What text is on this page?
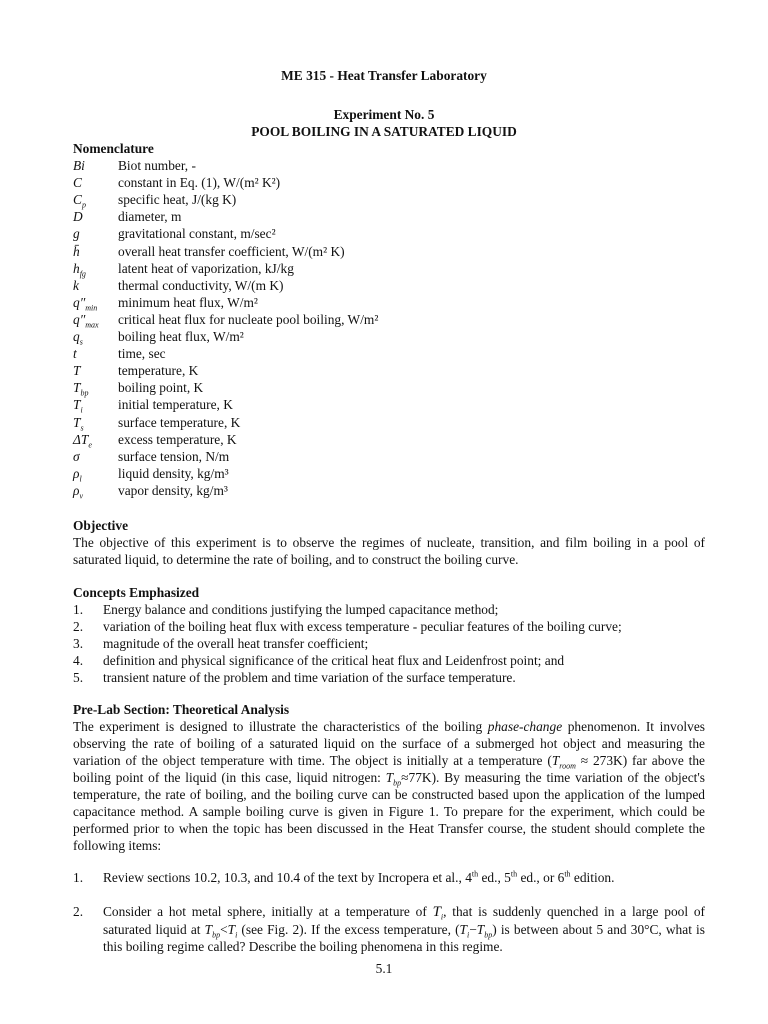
ME 315 - Heat Transfer Laboratory
Experiment No. 5
POOL BOILING IN A SATURATED LIQUID
Nomenclature
Bi Biot number, -
C	constant in Eq. (1), W/(m² K²)
$C_p$ specific heat, J/(kg K)
D	diameter, m
g	gravitational constant, m/sec²
h̄	overall heat transfer coefficient, W/(m² K)
$h_{fg}$ latent heat of vaporization, kJ/kg
k	thermal conductivity, W/(m K)
$q''_{min}$ minimum heat flux, W/m²
$q''_{max}$ critical heat flux for nucleate pool boiling, W/m²
$q_s$	boiling heat flux, W/m²
t	time, sec
T	temperature, K
$T_{bp}$ boiling point, K
$T_i$	initial temperature, K
$T_s$	surface temperature, K
$\Delta T_e$ excess temperature, K
σ	surface tension, N/m
$\rho_l$	liquid density, kg/m³
$\rho_v$	vapor density, kg/m³
Objective
The objective of this experiment is to observe the regimes of nucleate, transition, and film boiling in a pool of saturated liquid, to determine the rate of boiling, and to construct the boiling curve.
Concepts Emphasized
1. Energy balance and conditions justifying the lumped capacitance method;
2. variation of the boiling heat flux with excess temperature - peculiar features of the boiling curve;
3. magnitude of the overall heat transfer coefficient;
4. definition and physical significance of the critical heat flux and Leidenfrost point; and
5. transient nature of the problem and time variation of the surface temperature.
Pre-Lab Section: Theoretical Analysis

The experiment is designed to illustrate the characteristics of the boiling phase-change phenomenon. It involves observing the rate of boiling of a saturated liquid on the surface of a submerged hot object and measuring the variation of the object temperature with time. The object is initially at a temperature $(T_{room} \approx 273K)$ far above the boiling point of the liquid (in this case, liquid nitrogen: $T_{bp}\approx 77K$). By measuring the time variation of the object's temperature, the rate of boiling, and the boiling curve can be constructed based upon the application of the lumped capacitance method. A sample boiling curve is given in Figure 1. To prepare for the experiment, which could be performed prior to when the topic has been discussed in the Heat Transfer course, the student should complete the following items:

1. Review sections 10.2, 10.3, and 10.4 of the text by Incropera et al., 4th ed., 5th ed., or 6th edition.
2. Consider a hot metal sphere, initially at a temperature of $T_i$, that is suddenly quenched in a large pool of saturated liquid at $T_{bp}<T_i$ (see Fig. 2). If the excess temperature, $(T_i-T_{bp})$ is between about 5 and 30°C, what is this boiling regime called? Describe the boiling phenomena in this regime.
5.1
